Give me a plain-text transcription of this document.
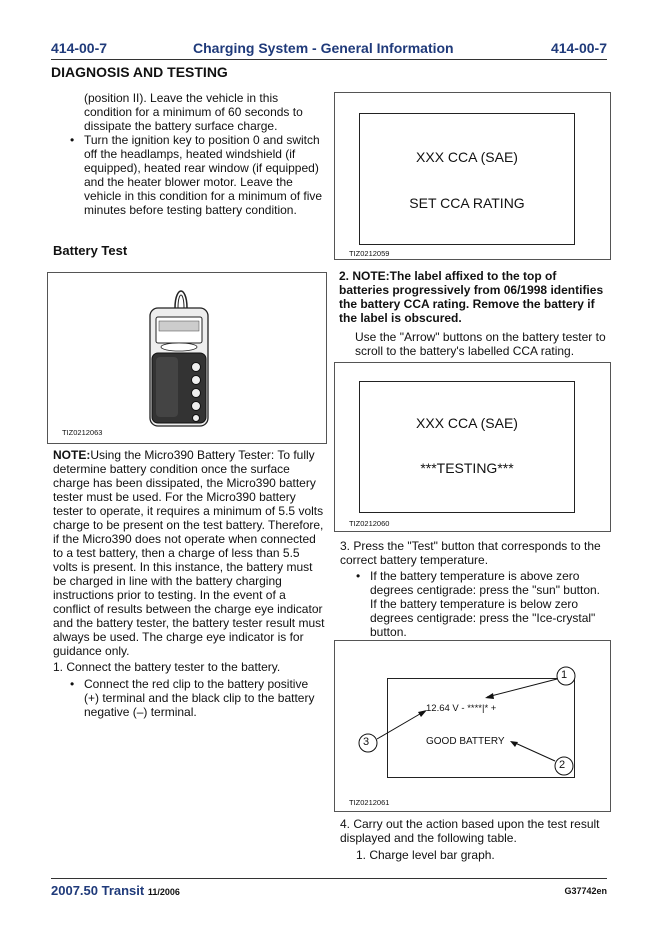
414-00-7	Charging System - General Information	414-00-7
DIAGNOSIS AND TESTING
(position II). Leave the vehicle in this condition for a minimum of 60 seconds to dissipate the battery surface charge.
• Turn the ignition key to position 0 and switch off the headlamps, heated windshield (if equipped), heated rear window (if equipped) and the heater blower motor. Leave the vehicle in this condition for a minimum of five minutes before testing battery condition.
Battery Test
TIZ0212063
NOTE:Using the Micro390 Battery Tester: To fully determine battery condition once the surface charge has been dissipated, the Micro390 battery tester must be used. For the Micro390 battery tester to operate, it requires a minimum of 5.5 volts charge to be present on the test battery. Therefore, if the Micro390 does not operate when connected to a test battery, then a charge of less than 5.5 volts is present. In this instance, the battery must be charged in line with the battery charging instructions prior to testing. In the event of a conflict of results between the charge eye indicator and the battery tester, the battery tester result must always be used. The charge eye indicator is for guidance only.
1. Connect the battery tester to the battery.
• Connect the red clip to the battery positive (+) terminal and the black clip to the battery negative (–) terminal.
XXX CCA (SAE)
SET CCA RATING
TIZ0212059
2. NOTE:The label affixed to the top of batteries progressively from 06/1998 identifies the battery CCA rating. Remove the battery if the label is obscured.
Use the "Arrow" buttons on the battery tester to scroll to the battery's labelled CCA rating.
XXX CCA (SAE)
***TESTING***
TIZ0212060
3. Press the "Test" button that corresponds to the correct battery temperature.
• If the battery temperature is above zero degrees centigrade: press the "sun" button. If the battery temperature is below zero degrees centigrade: press the "Ice-crystal" button.
12.64 V - ****|* +
GOOD BATTERY
1
2
3
TIZ0212061
4. Carry out the action based upon the test result displayed and the following table.
1. Charge level bar graph.
2007.50 Transit 11/2006	G37742en
